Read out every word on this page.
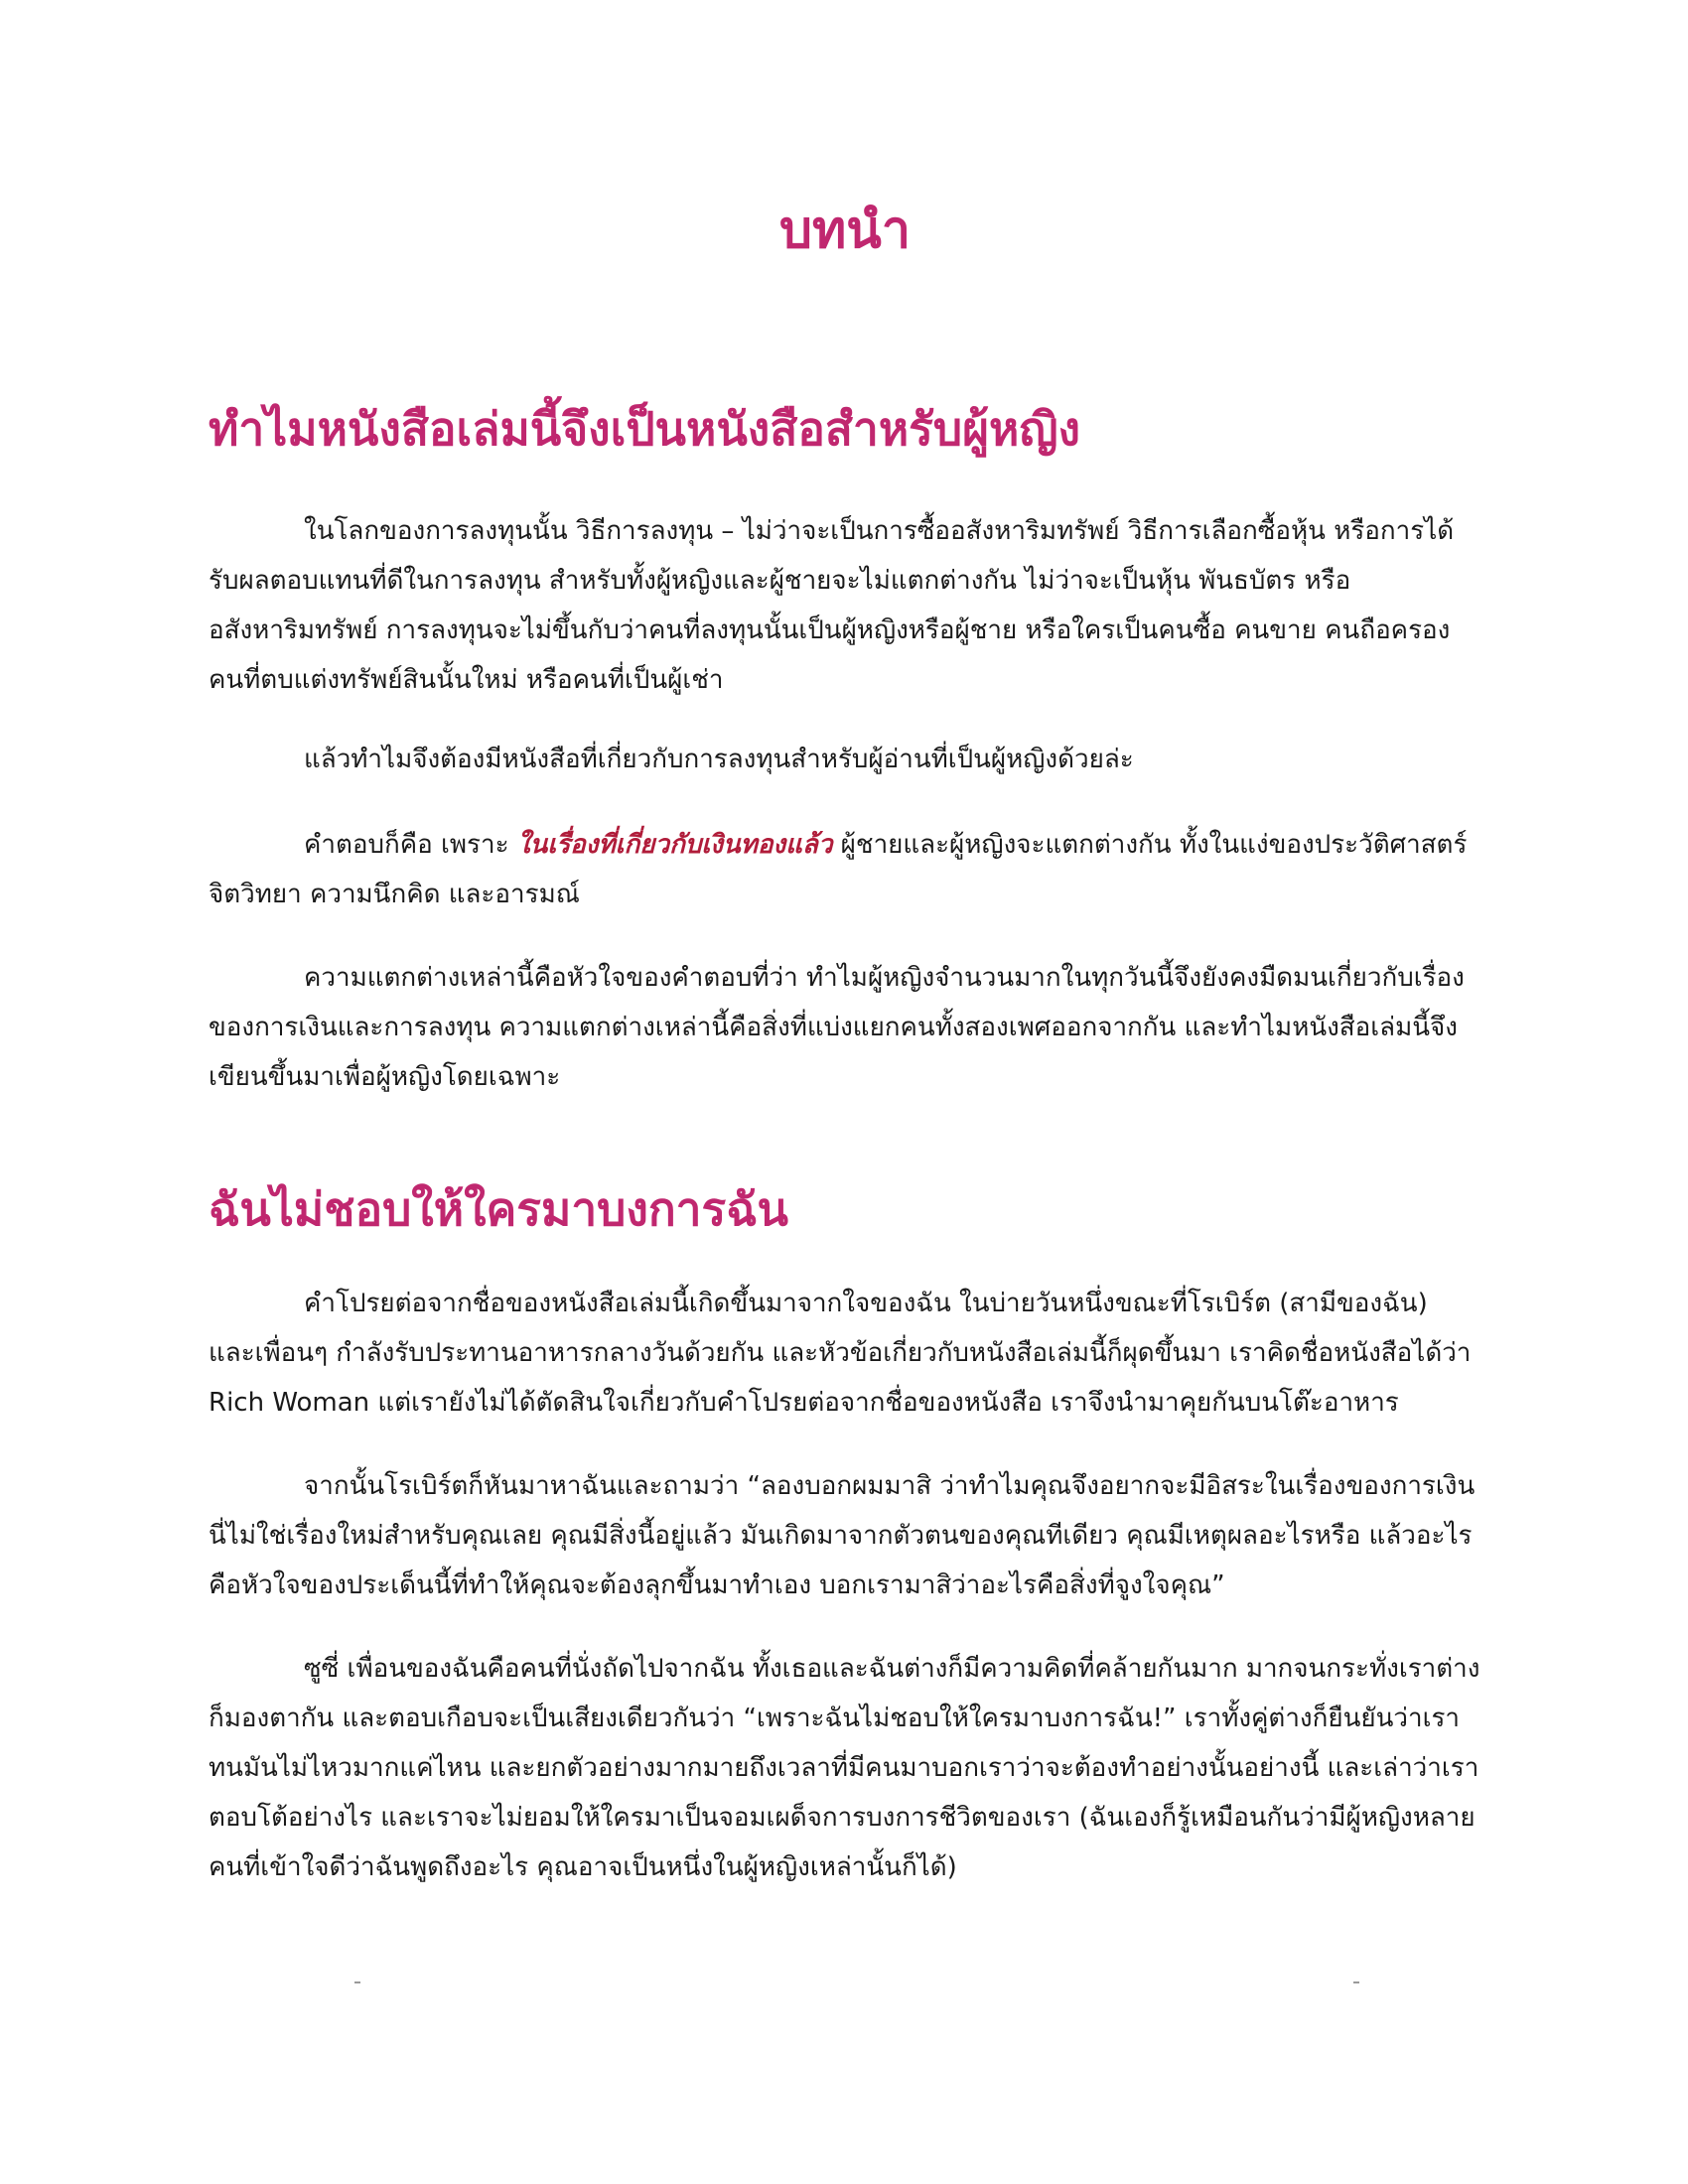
บทนำ
ทำไมหนังสือเล่มนี้จึงเป็นหนังสือสำหรับผู้หญิง

ในโลกของการลงทุนนั้น วิธีการลงทุน – ไม่ว่าจะเป็นการซื้ออสังหาริมทรัพย์ วิธีการเลือกซื้อหุ้น หรือการได้รับผลตอบแทนที่ดีในการลงทุน สำหรับทั้งผู้หญิงและผู้ชายจะไม่แตกต่างกัน ไม่ว่าจะเป็นหุ้น พันธบัตร หรืออสังหาริมทรัพย์ การลงทุนจะไม่ขึ้นกับว่าคนที่ลงทุนนั้นเป็นผู้หญิงหรือผู้ชาย หรือใครเป็นคนซื้อ คนขาย คนถือครอง คนที่ตบแต่งทรัพย์สินนั้นใหม่ หรือคนที่เป็นผู้เช่า

แล้วทำไมจึงต้องมีหนังสือที่เกี่ยวกับการลงทุนสำหรับผู้อ่านที่เป็นผู้หญิงด้วยล่ะ

คำตอบก็คือ เพราะ ในเรื่องที่เกี่ยวกับเงินทองแล้ว ผู้ชายและผู้หญิงจะแตกต่างกัน ทั้งในแง่ของประวัติศาสตร์ จิตวิทยา ความนึกคิด และอารมณ์

ความแตกต่างเหล่านี้คือหัวใจของคำตอบที่ว่า ทำไมผู้หญิงจำนวนมากในทุกวันนี้จึงยังคงมืดมนเกี่ยวกับเรื่องของการเงินและการลงทุน ความแตกต่างเหล่านี้คือสิ่งที่แบ่งแยกคนทั้งสองเพศออกจากกัน และทำไมหนังสือเล่มนี้จึงเขียนขึ้นมาเพื่อผู้หญิงโดยเฉพาะ

ฉันไม่ชอบให้ใครมาบงการฉัน

คำโปรยต่อจากชื่อของหนังสือเล่มนี้เกิดขึ้นมาจากใจของฉัน ในบ่ายวันหนึ่งขณะที่โรเบิร์ต (สามีของฉัน) และเพื่อนๆ กำลังรับประทานอาหารกลางวันด้วยกัน และหัวข้อเกี่ยวกับหนังสือเล่มนี้ก็ผุดขึ้นมา เราคิดชื่อหนังสือได้ว่า Rich Woman แต่เรายังไม่ได้ตัดสินใจเกี่ยวกับคำโปรยต่อจากชื่อของหนังสือ เราจึงนำมาคุยกันบนโต๊ะอาหาร

จากนั้นโรเบิร์ตก็หันมาหาฉันและถามว่า “ลองบอกผมมาสิ ว่าทำไมคุณจึงอยากจะมีอิสระในเรื่องของการเงินนี่ไม่ใช่เรื่องใหม่สำหรับคุณเลย คุณมีสิ่งนี้อยู่แล้ว มันเกิดมาจากตัวตนของคุณทีเดียว คุณมีเหตุผลอะไรหรือ แล้วอะไรคือหัวใจของประเด็นนี้ที่ทำให้คุณจะต้องลุกขึ้นมาทำเอง บอกเรามาสิว่าอะไรคือสิ่งที่จูงใจคุณ”

ซูซี่ เพื่อนของฉันคือคนที่นั่งถัดไปจากฉัน ทั้งเธอและฉันต่างก็มีความคิดที่คล้ายกันมาก มากจนกระทั่งเราต่างก็มองตากัน และตอบเกือบจะเป็นเสียงเดียวกันว่า “เพราะฉันไม่ชอบให้ใครมาบงการฉัน!” เราทั้งคู่ต่างก็ยืนยันว่าเราทนมันไม่ไหวมากแค่ไหน และยกตัวอย่างมากมายถึงเวลาที่มีคนมาบอกเราว่าจะต้องทำอย่างนั้นอย่างนี้ และเล่าว่าเราตอบโต้อย่างไร และเราจะไม่ยอมให้ใครมาเป็นจอมเผด็จการบงการชีวิตของเรา (ฉันเองก็รู้เหมือนกันว่ามีผู้หญิงหลายคนที่เข้าใจดีว่าฉันพูดถึงอะไร คุณอาจเป็นหนึ่งในผู้หญิงเหล่านั้นก็ได้)
